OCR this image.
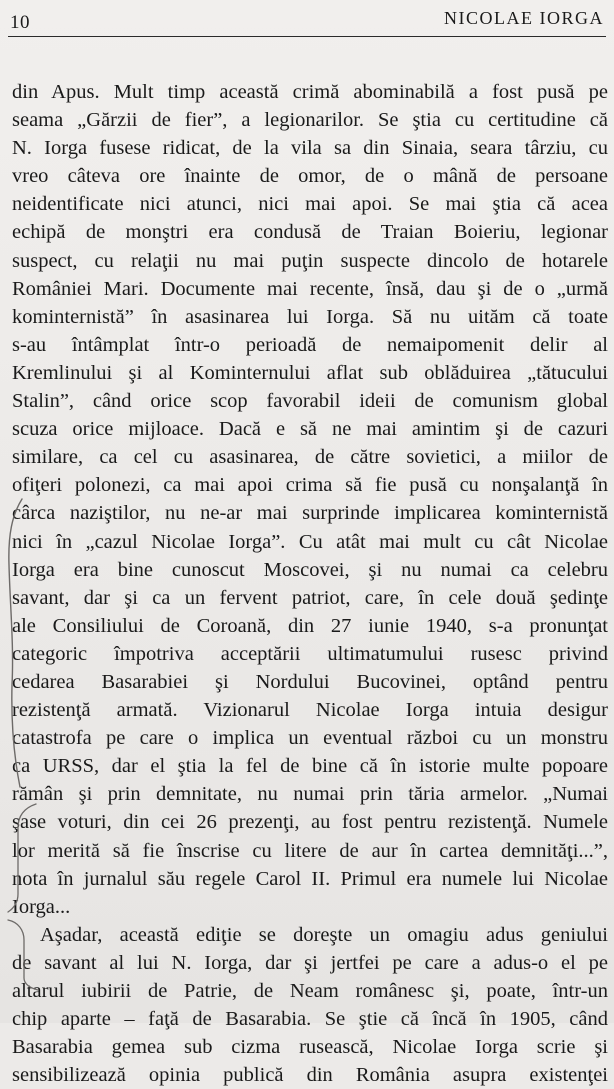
10	NICOLAE IORGA
din Apus. Mult timp această crimă abominabilă a fost pusă pe
seama „Gărzii de fier”, a legionarilor. Se ştia cu certitudine că
N. Iorga fusese ridicat, de la vila sa din Sinaia, seara târziu, cu
vreo câteva ore înainte de omor, de o mână de persoane
neidentificate nici atunci, nici mai apoi. Se mai ştia că acea
echipă de monştri era condusă de Traian Boieriu, legionar
suspect, cu relaţii nu mai puţin suspecte dincolo de hotarele
României Mari. Documente mai recente, însă, dau şi de o „urmă
kominternistă” în asasinarea lui Iorga. Să nu uităm că toate
s-au întâmplat într-o perioadă de nemaipomenit delir al
Kremlinului şi al Kominternului aflat sub oblăduirea „tătucului
Stalin”, când orice scop favorabil ideii de comunism global
scuza orice mijloace. Dacă e să ne mai amintim şi de cazuri
similare, ca cel cu asasinarea, de către sovietici, a miilor de
ofiţeri polonezi, ca mai apoi crima să fie pusă cu nonşalanţă în
cârca naziştilor, nu ne-ar mai surprinde implicarea kominternistă
nici în „cazul Nicolae Iorga”. Cu atât mai mult cu cât Nicolae
Iorga era bine cunoscut Moscovei, şi nu numai ca celebru
savant, dar şi ca un fervent patriot, care, în cele două şedinţe
ale Consiliului de Coroană, din 27 iunie 1940, s-a pronunţat
categoric împotriva acceptării ultimatumului rusesc privind
cedarea Basarabiei şi Nordului Bucovinei, optând pentru
rezistenţă armată. Vizionarul Nicolae Iorga intuia desigur
catastrofa pe care o implica un eventual război cu un monstru
ca URSS, dar el ştia la fel de bine că în istorie multe popoare
rămân şi prin demnitate, nu numai prin tăria armelor. „Numai
şase voturi, din cei 26 prezenţi, au fost pentru rezistenţă. Numele
lor merită să fie înscrise cu litere de aur în cartea demnităţi...”,
nota în jurnalul său regele Carol II. Primul era numele lui Nicolae
Iorga...
Aşadar, această ediţie se doreşte un omagiu adus geniului
de savant al lui N. Iorga, dar şi jertfei pe care a adus-o el pe
altarul iubirii de Patrie, de Neam românesc şi, poate, într-un
chip aparte – faţă de Basarabia. Se ştie că încă în 1905, când
Basarabia gemea sub cizma rusească, Nicolae Iorga scrie şi
sensibilizează opinia publică din România asupra existenţei
